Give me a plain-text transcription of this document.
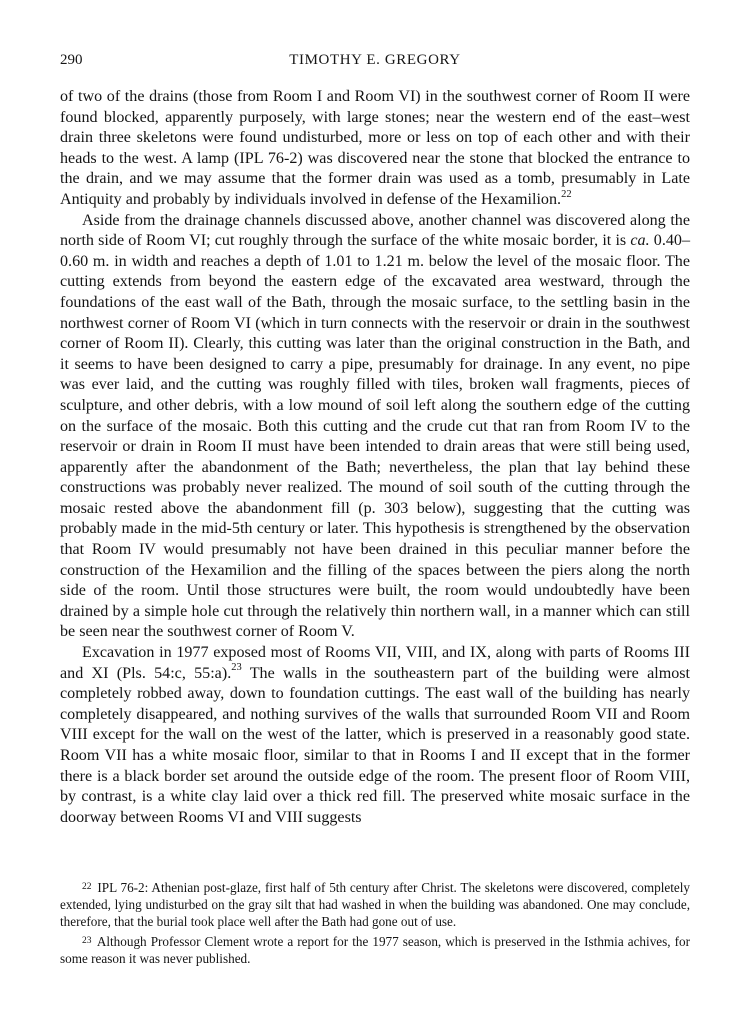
290	TIMOTHY E. GREGORY

of two of the drains (those from Room I and Room VI) in the southwest corner of Room II were found blocked, apparently purposely, with large stones; near the western end of the east–west drain three skeletons were found undisturbed, more or less on top of each other and with their heads to the west. A lamp (IPL 76-2) was discovered near the stone that blocked the entrance to the drain, and we may assume that the former drain was used as a tomb, presumably in Late Antiquity and probably by individuals involved in defense of the Hexamilion.$^{22}$

Aside from the drainage channels discussed above, another channel was discovered along the north side of Room VI; cut roughly through the surface of the white mosaic border, it is ca. 0.40–0.60 m. in width and reaches a depth of 1.01 to 1.21 m. below the level of the mosaic floor. The cutting extends from beyond the eastern edge of the excavated area westward, through the foundations of the east wall of the Bath, through the mosaic surface, to the settling basin in the northwest corner of Room VI (which in turn connects with the reservoir or drain in the southwest corner of Room II). Clearly, this cutting was later than the original construction in the Bath, and it seems to have been designed to carry a pipe, presumably for drainage. In any event, no pipe was ever laid, and the cutting was roughly filled with tiles, broken wall fragments, pieces of sculpture, and other debris, with a low mound of soil left along the southern edge of the cutting on the surface of the mosaic. Both this cutting and the crude cut that ran from Room IV to the reservoir or drain in Room II must have been intended to drain areas that were still being used, apparently after the abandonment of the Bath; nevertheless, the plan that lay behind these constructions was probably never realized. The mound of soil south of the cutting through the mosaic rested above the abandonment fill (p. 303 below), suggesting that the cutting was probably made in the mid-5th century or later. This hypothesis is strengthened by the observation that Room IV would presumably not have been drained in this peculiar manner before the construction of the Hexamilion and the filling of the spaces between the piers along the north side of the room. Until those structures were built, the room would undoubtedly have been drained by a simple hole cut through the relatively thin northern wall, in a manner which can still be seen near the southwest corner of Room V.

Excavation in 1977 exposed most of Rooms VII, VIII, and IX, along with parts of Rooms III and XI (Pls. 54:c, 55:a).$^{23}$ The walls in the southeastern part of the building were almost completely robbed away, down to foundation cuttings. The east wall of the building has nearly completely disappeared, and nothing survives of the walls that surrounded Room VII and Room VIII except for the wall on the west of the latter, which is preserved in a reasonably good state. Room VII has a white mosaic floor, similar to that in Rooms I and II except that in the former there is a black border set around the outside edge of the room. The present floor of Room VIII, by contrast, is a white clay laid over a thick red fill. The preserved white mosaic surface in the doorway between Rooms VI and VIII suggests

$^{22}$ IPL 76-2: Athenian post-glaze, first half of 5th century after Christ. The skeletons were discovered, completely extended, lying undisturbed on the gray silt that had washed in when the building was abandoned. One may conclude, therefore, that the burial took place well after the Bath had gone out of use.

$^{23}$ Although Professor Clement wrote a report for the 1977 season, which is preserved in the Isthmia achives, for some reason it was never published.
